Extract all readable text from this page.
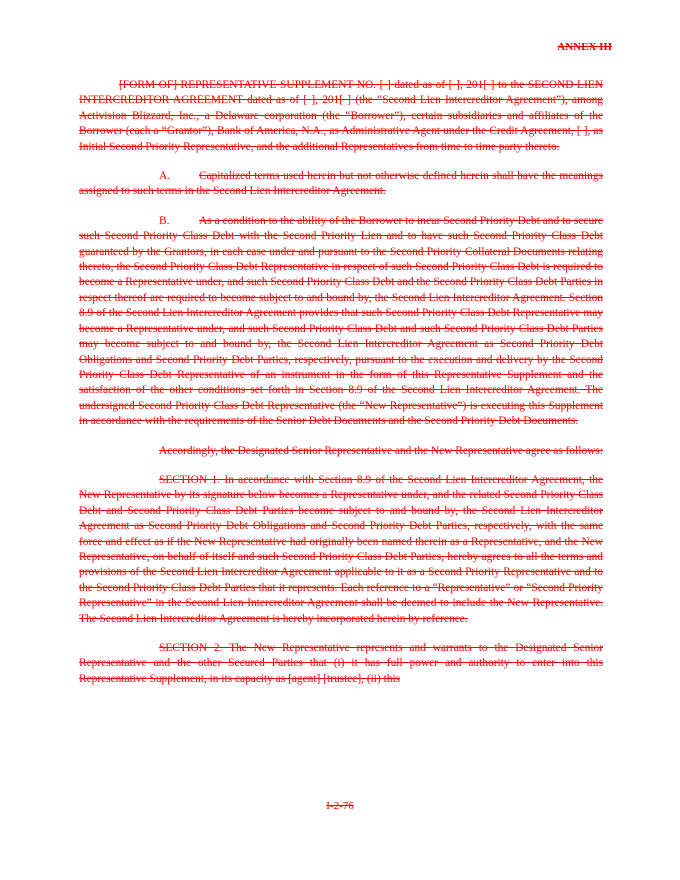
ANNEX III

[FORM OF] REPRESENTATIVE SUPPLEMENT NO. [ ] dated as of [ ], 201[ ] to the SECOND LIEN INTERCREDITOR AGREEMENT dated as of [ ], 201[ ] (the “Second Lien Intercreditor Agreement”), among Activision Blizzard, Inc., a Delaware corporation (the “Borrower”), certain subsidiaries and affiliates of the Borrower (each a “Grantor”), Bank of America, N.A., as Administrative Agent under the Credit Agreement, [ ], as Initial Second Priority Representative, and the additional Representatives from time to time party thereto.

A.	Capitalized terms used herein but not otherwise defined herein shall have the meanings assigned to such terms in the Second Lien Intercreditor Agreement.

B.	As a condition to the ability of the Borrower to incur Second Priority Debt and to secure such Second Priority Class Debt with the Second Priority Lien and to have such Second Priority Class Debt guaranteed by the Grantors, in each case under and pursuant to the Second Priority Collateral Documents relating thereto, the Second Priority Class Debt Representative in respect of such Second Priority Class Debt is required to become a Representative under, and such Second Priority Class Debt and the Second Priority Class Debt Parties in respect thereof are required to become subject to and bound by, the Second Lien Intercreditor Agreement. Section 8.9 of the Second Lien Intercreditor Agreement provides that such Second Priority Class Debt Representative may become a Representative under, and such Second Priority Class Debt and such Second Priority Class Debt Parties may become subject to and bound by, the Second Lien Intercreditor Agreement as Second Priority Debt Obligations and Second Priority Debt Parties, respectively, pursuant to the execution and delivery by the Second Priority Class Debt Representative of an instrument in the form of this Representative Supplement and the satisfaction of the other conditions set forth in Section 8.9 of the Second Lien Intercreditor Agreement. The undersigned Second Priority Class Debt Representative (the “New Representative”) is executing this Supplement in accordance with the requirements of the Senior Debt Documents and the Second Priority Debt Documents.

Accordingly, the Designated Senior Representative and the New Representative agree as follows:

SECTION 1. In accordance with Section 8.9 of the Second Lien Intercreditor Agreement, the New Representative by its signature below becomes a Representative under, and the related Second Priority Class Debt and Second Priority Class Debt Parties become subject to and bound by, the Second Lien Intercreditor Agreement as Second Priority Debt Obligations and Second Priority Debt Parties, respectively, with the same force and effect as if the New Representative had originally been named therein as a Representative, and the New Representative, on behalf of itself and such Second Priority Class Debt Parties, hereby agrees to all the terms and provisions of the Second Lien Intercreditor Agreement applicable to it as a Second Priority Representative and to the Second Priority Class Debt Parties that it represents. Each reference to a “Representative” or “Second Priority Representative” in the Second Lien Intercreditor Agreement shall be deemed to include the New Representative. The Second Lien Intercreditor Agreement is hereby incorporated herein by reference.

SECTION 2. The New Representative represents and warrants to the Designated Senior Representative and the other Secured Parties that (i) it has full power and authority to enter into this Representative Supplement, in its capacity as [agent] [trustee], (ii) this

I-2-76
